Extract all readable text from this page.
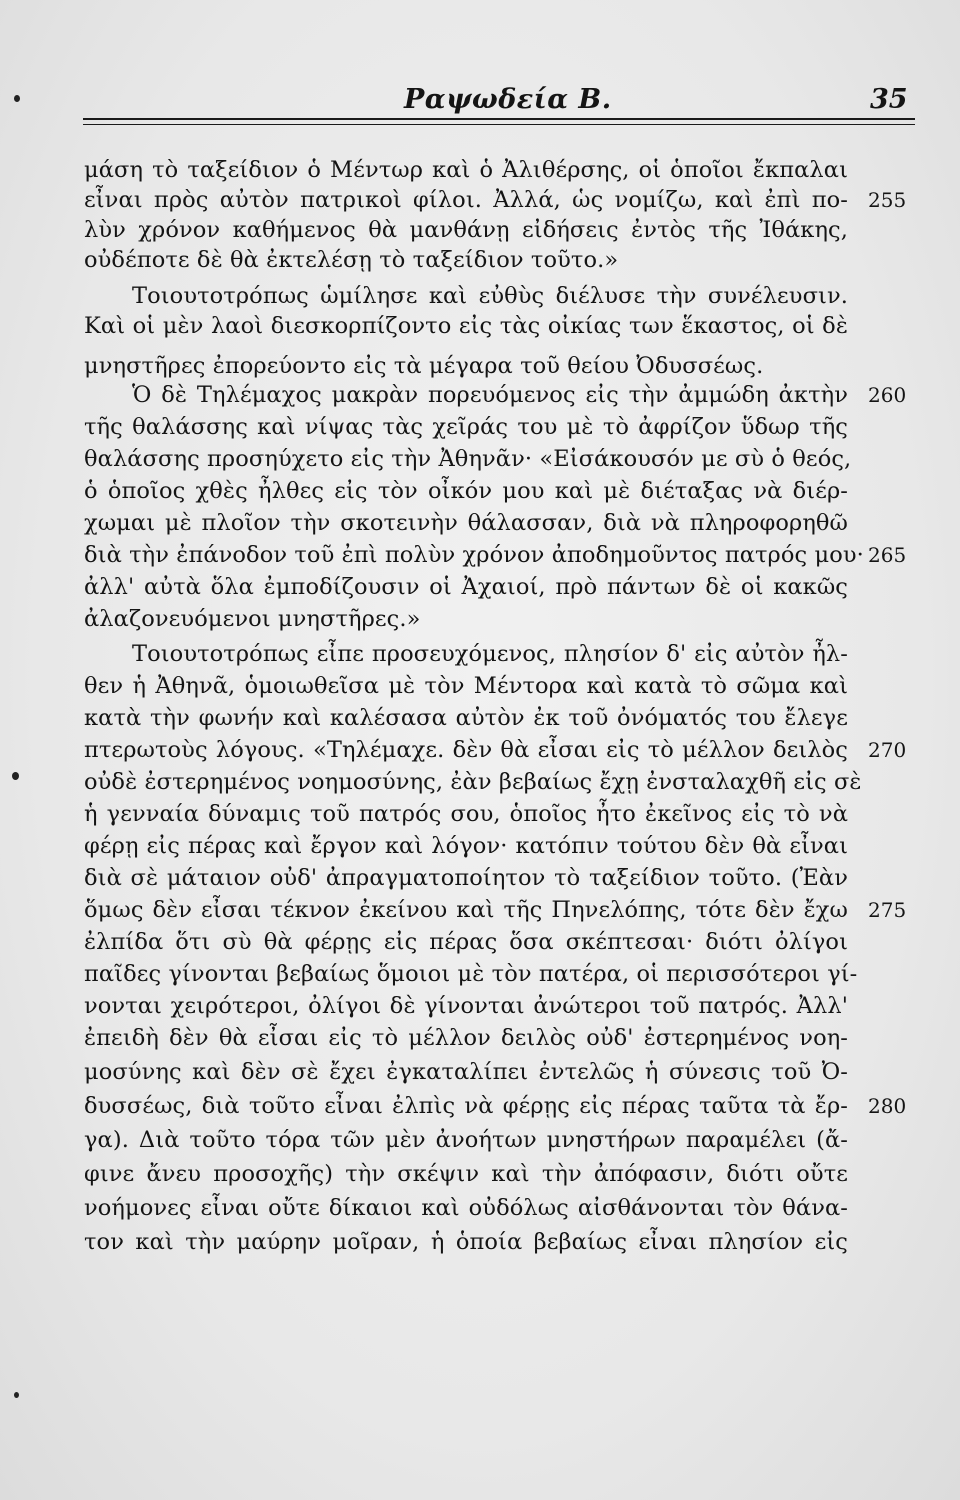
Ραψωδεία Β.	35
μάση τὸ ταξείδιον ὁ Μέντωρ καὶ ὁ Ἀλιθέρσης, οἱ ὁποῖοι ἔκπαλαι
εἶναι πρὸς αὐτὸν πατρικοὶ φίλοι. Ἀλλά, ὡς νομίζω, καὶ ἐπὶ πο- 255
λὺν χρόνον καθήμενος θὰ μανθάνῃ εἰδήσεις ἐντὸς τῆς Ἰθάκης,
οὐδέποτε δὲ θὰ ἐκτελέσῃ τὸ ταξείδιον τοῦτο.»
Τοιουτοτρόπως ὡμίλησε καὶ εὐθὺς διέλυσε τὴν συνέλευσιν.
Καὶ οἱ μὲν λαοὶ διεσκορπίζοντο εἰς τὰς οἰκίας των ἕκαστος, οἱ δὲ
μνηστῆρες ἐπορεύοντο εἰς τὰ μέγαρα τοῦ θείου Ὀδυσσέως.
Ὁ δὲ Τηλέμαχος μακρὰν πορευόμενος εἰς τὴν ἀμμώδη ἀκτὴν 260
τῆς θαλάσσης καὶ νίψας τὰς χεῖράς του μὲ τὸ ἀφρίζον ὕδωρ τῆς
θαλάσσης προσηύχετο εἰς τὴν Ἀθηνᾶν· «Εἰσάκουσόν με σὺ ὁ θεός,
ὁ ὁποῖος χθὲς ἦλθες εἰς τὸν οἶκόν μου καὶ μὲ διέταξας νὰ διέρ-
χωμαι μὲ πλοῖον τὴν σκοτεινὴν θάλασσαν, διὰ νὰ πληροφορηθῶ
διὰ τὴν ἐπάνοδον τοῦ ἐπὶ πολὺν χρόνον ἀποδημοῦντος πατρός μου· 265
ἀλλ' αὐτὰ ὅλα ἐμποδίζουσιν οἱ Ἀχαιοί, πρὸ πάντων δὲ οἱ κακῶς
ἀλαζονευόμενοι μνηστῆρες.»
Τοιουτοτρόπως εἶπε προσευχόμενος, πλησίον δ' εἰς αὐτὸν ἦλ-
θεν ἡ Ἀθηνᾶ, ὁμοιωθεῖσα μὲ τὸν Μέντορα καὶ κατὰ τὸ σῶμα καὶ
κατὰ τὴν φωνήν καὶ καλέσασα αὐτὸν ἐκ τοῦ ὀνόματός του ἔλεγε
πτερωτοὺς λόγους. «Τηλέμαχε. δὲν θὰ εἶσαι εἰς τὸ μέλλον δειλὸς 270
οὐδὲ ἐστερημένος νοημοσύνης, ἐὰν βεβαίως ἔχῃ ἐνσταλαχθῆ εἰς σὲ
ἡ γενναία δύναμις τοῦ πατρός σου, ὁποῖος ἦτο ἐκεῖνος εἰς τὸ νὰ
φέρῃ εἰς πέρας καὶ ἔργον καὶ λόγον· κατόπιν τούτου δὲν θὰ εἶναι
διὰ σὲ μάταιον οὐδ' ἀπραγματοποίητον τὸ ταξείδιον τοῦτο. (Ἐὰν
ὅμως δὲν εἶσαι τέκνον ἐκείνου καὶ τῆς Πηνελόπης, τότε δὲν ἔχω 275
ἐλπίδα ὅτι σὺ θὰ φέρῃς εἰς πέρας ὅσα σκέπτεσαι· διότι ὀλίγοι
παῖδες γίνονται βεβαίως ὅμοιοι μὲ τὸν πατέρα, οἱ περισσότεροι γί-
νονται χειρότεροι, ὀλίγοι δὲ γίνονται ἀνώτεροι τοῦ πατρός. Ἀλλ'
ἐπειδὴ δὲν θὰ εἶσαι εἰς τὸ μέλλον δειλὸς οὐδ' ἐστερημένος νοη-
μοσύνης καὶ δὲν σὲ ἔχει ἐγκαταλίπει ἐντελῶς ἡ σύνεσις τοῦ Ὀ-
δυσσέως, διὰ τοῦτο εἶναι ἐλπὶς νὰ φέρῃς εἰς πέρας ταῦτα τὰ ἔρ- 280
γα). Διὰ τοῦτο τόρα τῶν μὲν ἀνοήτων μνηστήρων παραμέλει (ἄ-
φινε ἄνευ προσοχῆς) τὴν σκέψιν καὶ τὴν ἀπόφασιν, διότι οὔτε
νοήμονες εἶναι οὔτε δίκαιοι καὶ οὐδόλως αἰσθάνονται τὸν θάνα-
τον καὶ τὴν μαύρην μοῖραν, ἡ ὁποία βεβαίως εἶναι πλησίον εἰς
